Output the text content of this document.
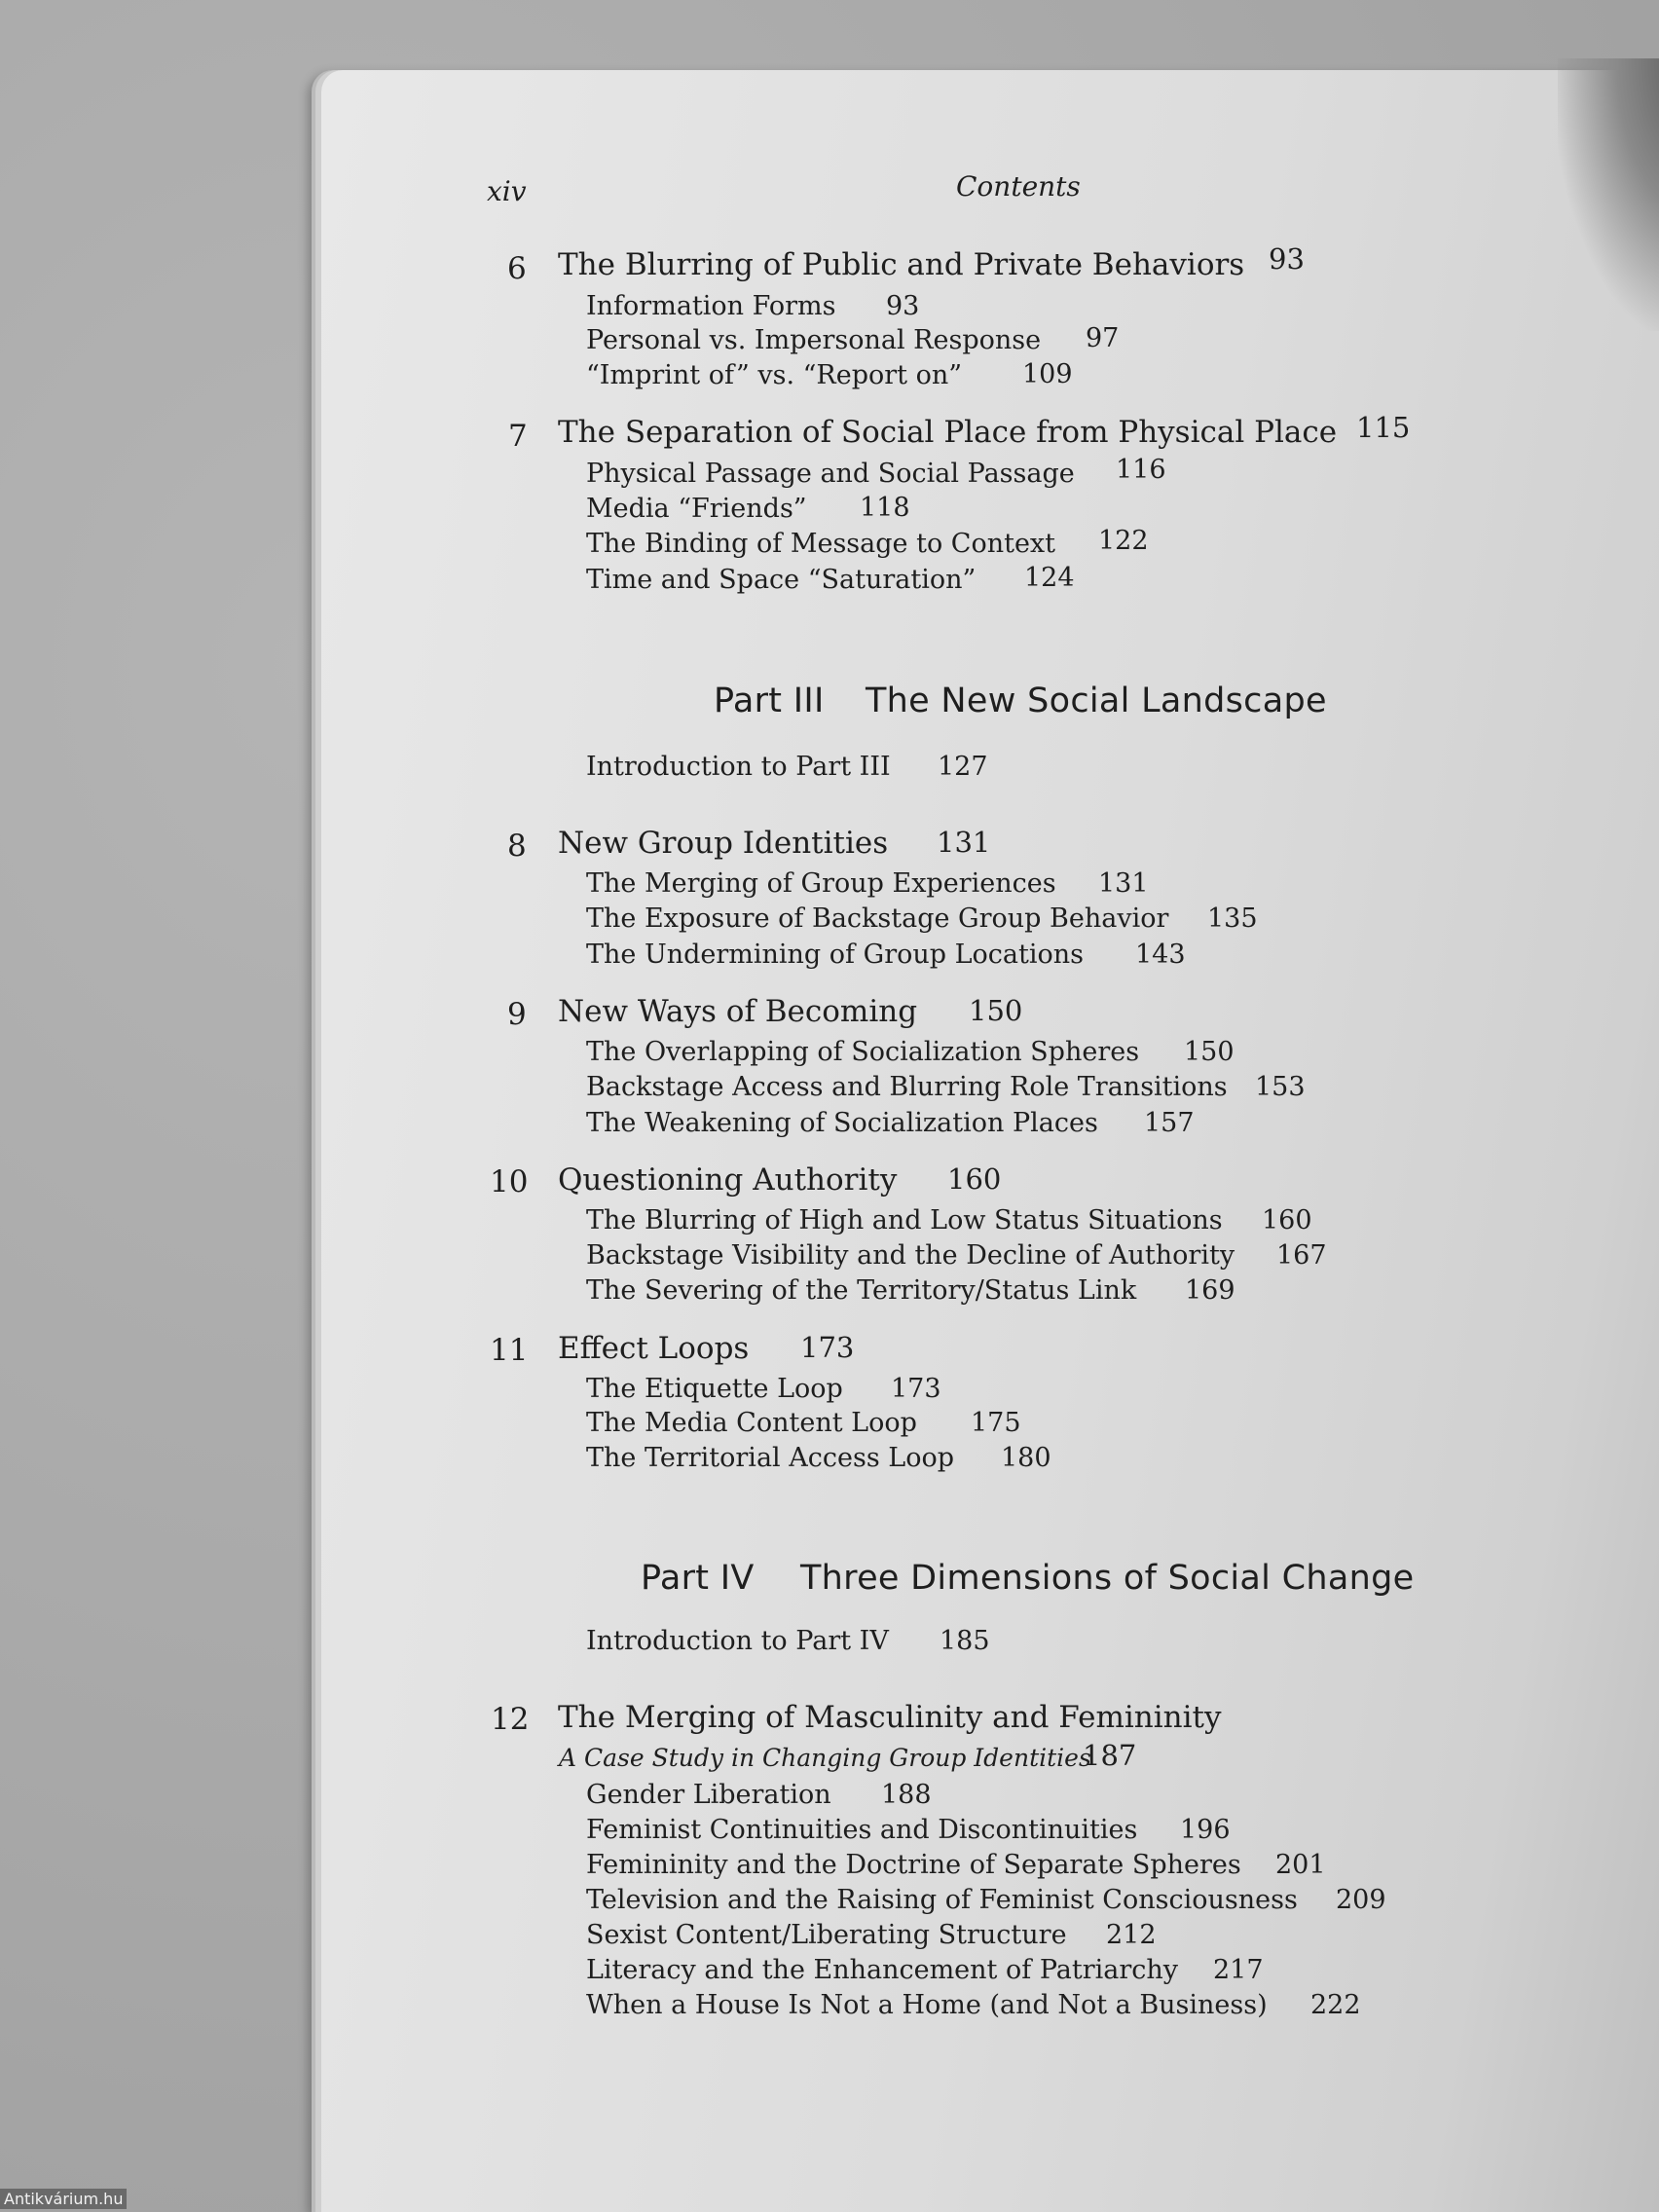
xiv	Contents
6 The Blurring of Public and Private Behaviors 93
Information Forms 93
Personal vs. Impersonal Response 97
“Imprint of” vs. “Report on” 109
7 The Separation of Social Place from Physical Place 115
Physical Passage and Social Passage 116
Media “Friends” 118
The Binding of Message to Context 122
Time and Space “Saturation” 124
Part III The New Social Landscape
Introduction to Part III 127
8 New Group Identities 131
The Merging of Group Experiences 131
The Exposure of Backstage Group Behavior 135
The Undermining of Group Locations 143
9 New Ways of Becoming 150
The Overlapping of Socialization Spheres 150
Backstage Access and Blurring Role Transitions 153
The Weakening of Socialization Places 157
10 Questioning Authority 160
The Blurring of High and Low Status Situations 160
Backstage Visibility and the Decline of Authority 167
The Severing of the Territory/Status Link 169
11 Effect Loops 173
The Etiquette Loop 173
The Media Content Loop 175
The Territorial Access Loop 180
Part IV Three Dimensions of Social Change
Introduction to Part IV 185
12 The Merging of Masculinity and Femininity
A Case Study in Changing Group Identities
187
Gender Liberation 188
Feminist Continuities and Discontinuities 196
Femininity and the Doctrine of Separate Spheres 201
Television and the Raising of Feminist Consciousness 209
Sexist Content/Liberating Structure 212
Literacy and the Enhancement of Patriarchy 217
When a House Is Not a Home (and Not a Business) 222
Antikvárium.hu
